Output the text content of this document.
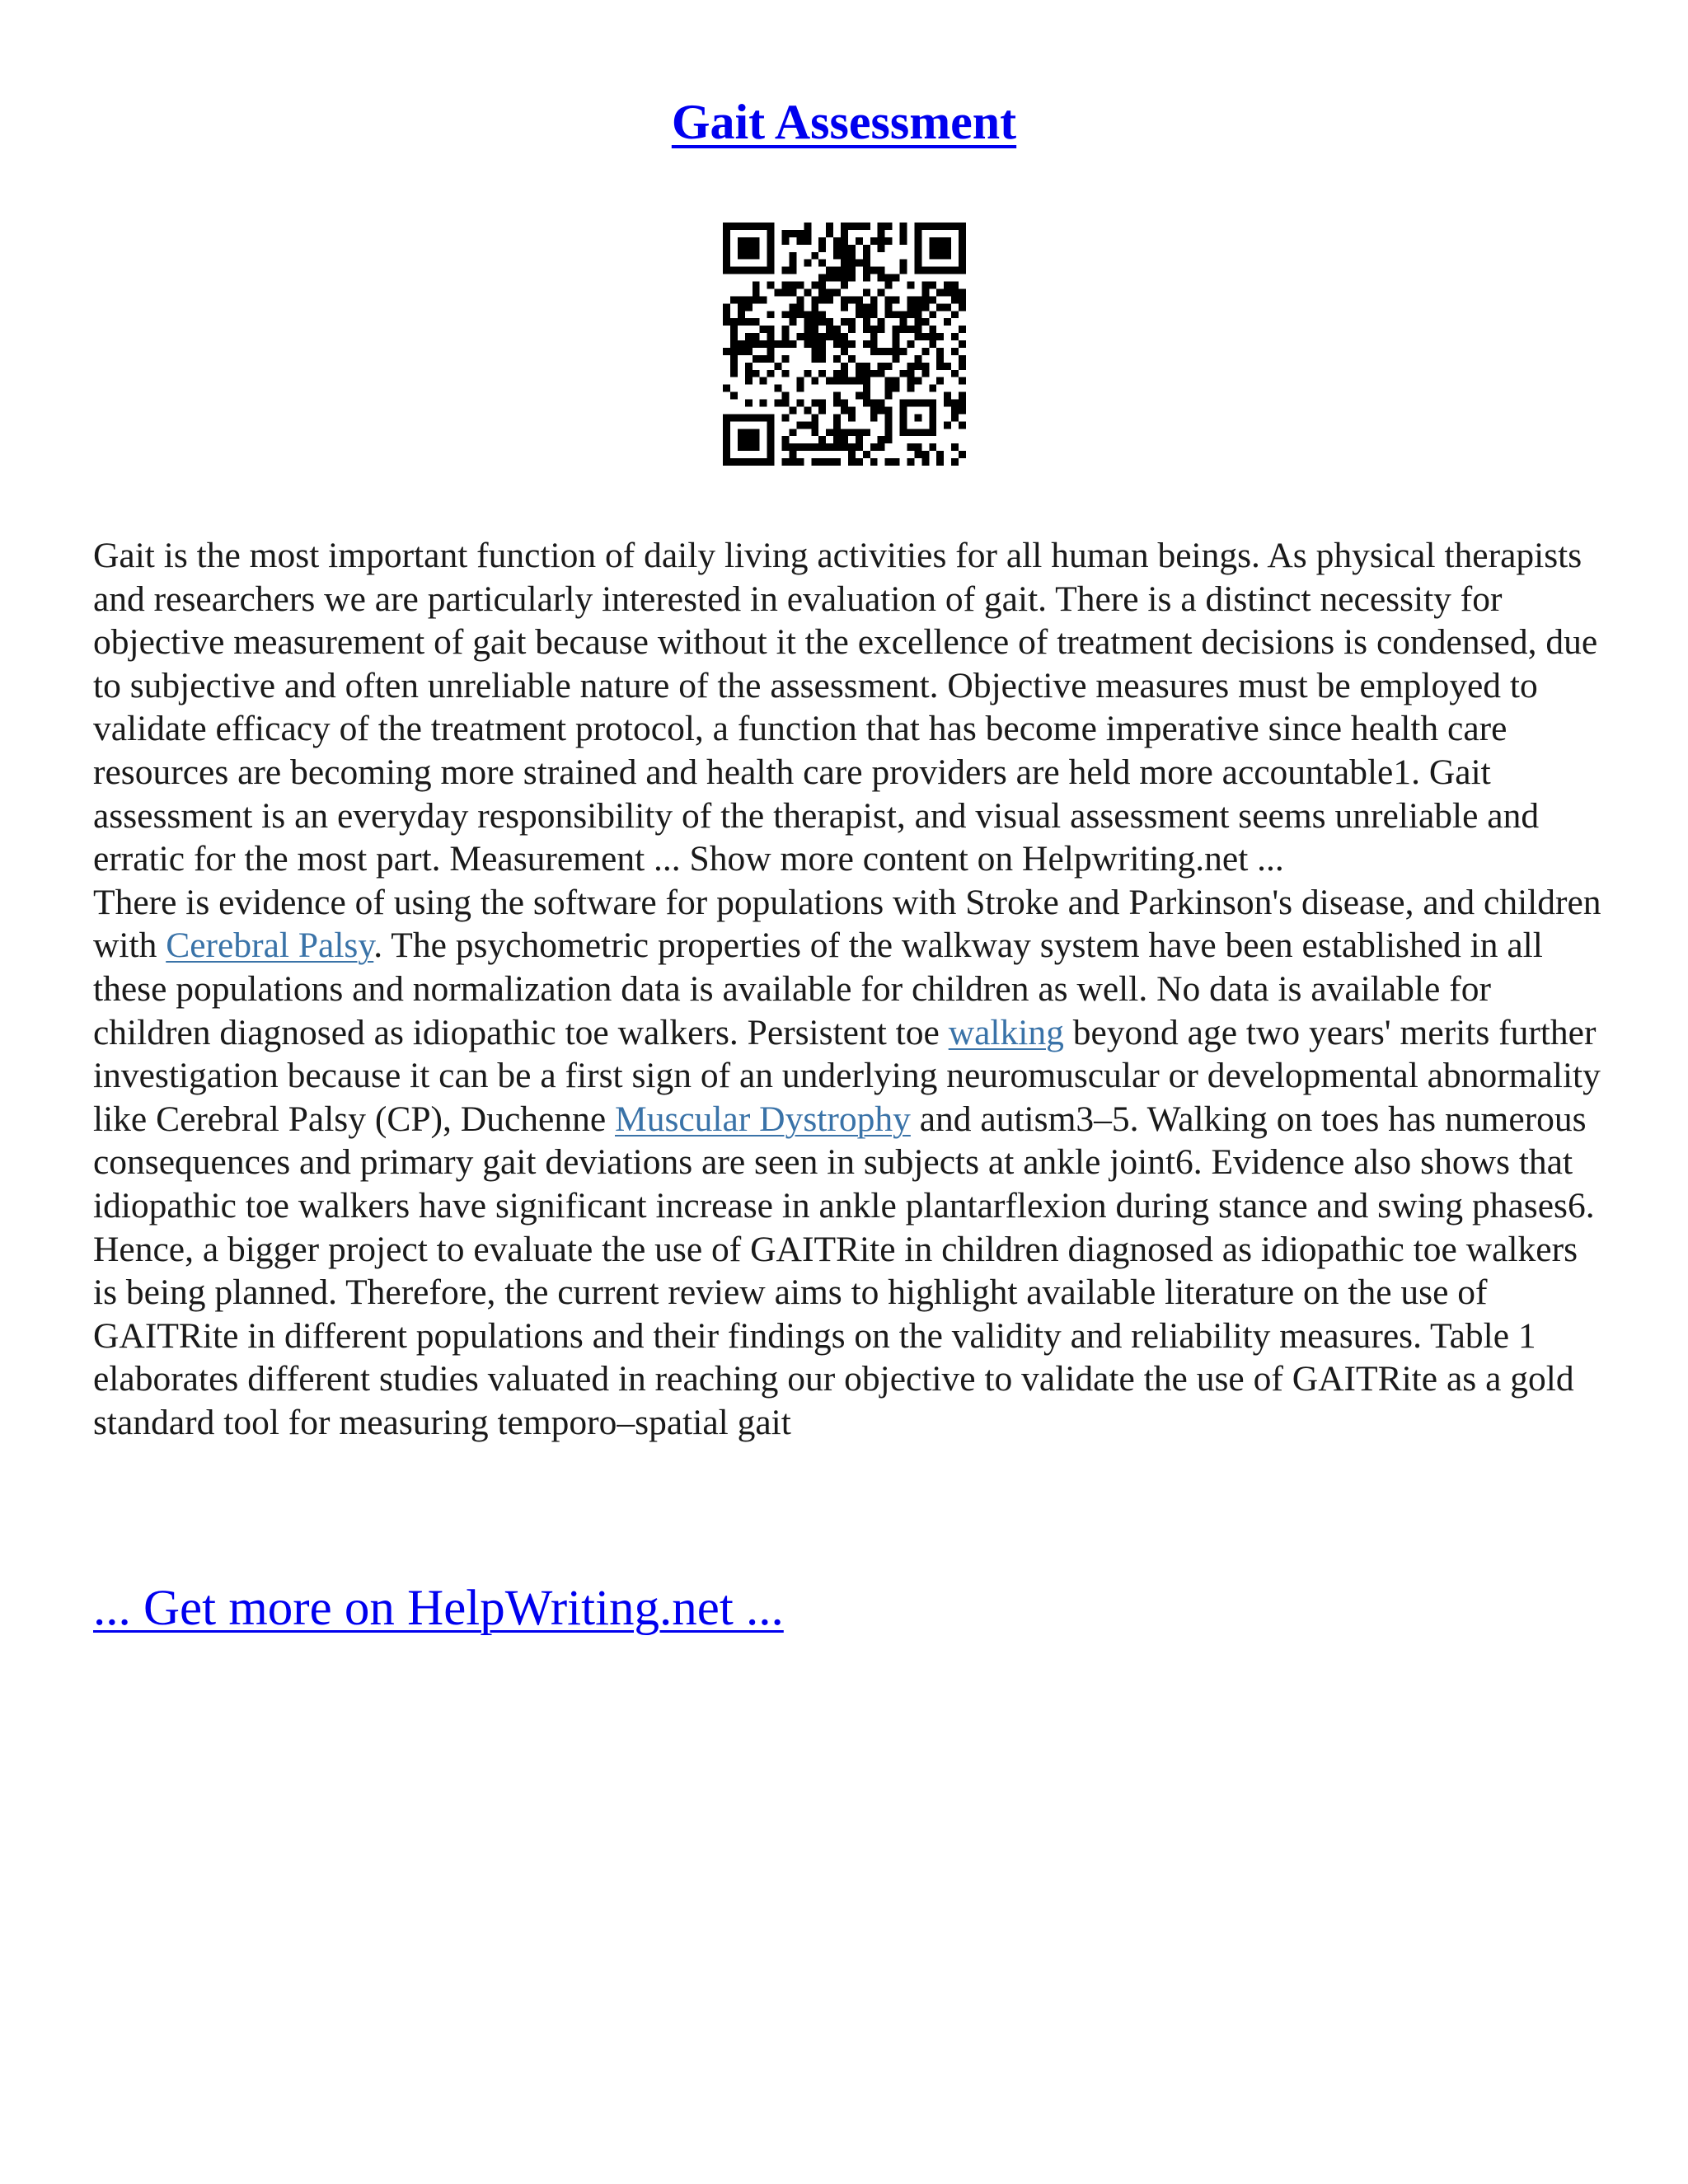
Gait Assessment

Gait is the most important function of daily living activities for all human beings. As physical therapists and researchers we are particularly interested in evaluation of gait. There is a distinct necessity for objective measurement of gait because without it the excellence of treatment decisions is condensed, due to subjective and often unreliable nature of the assessment. Objective measures must be employed to validate efficacy of the treatment protocol, a function that has become imperative since health care resources are becoming more strained and health care providers are held more accountable1. Gait assessment is an everyday responsibility of the therapist, and visual assessment seems unreliable and erratic for the most part. Measurement ... Show more content on Helpwriting.net ...

There is evidence of using the software for populations with Stroke and Parkinson's disease, and children with Cerebral Palsy. The psychometric properties of the walkway system have been established in all these populations and normalization data is available for children as well. No data is available for children diagnosed as idiopathic toe walkers. Persistent toe walking beyond age two years' merits further investigation because it can be a first sign of an underlying neuromuscular or developmental abnormality like Cerebral Palsy (CP), Duchenne Muscular Dystrophy and autism3–5. Walking on toes has numerous consequences and primary gait deviations are seen in subjects at ankle joint6. Evidence also shows that idiopathic toe walkers have significant increase in ankle plantarflexion during stance and swing phases6. Hence, a bigger project to evaluate the use of GAITRite in children diagnosed as idiopathic toe walkers is being planned. Therefore, the current review aims to highlight available literature on the use of GAITRite in different populations and their findings on the validity and reliability measures. Table 1 elaborates different studies valuated in reaching our objective to validate the use of GAITRite as a gold standard tool for measuring temporo–spatial gait

... Get more on HelpWriting.net ...
